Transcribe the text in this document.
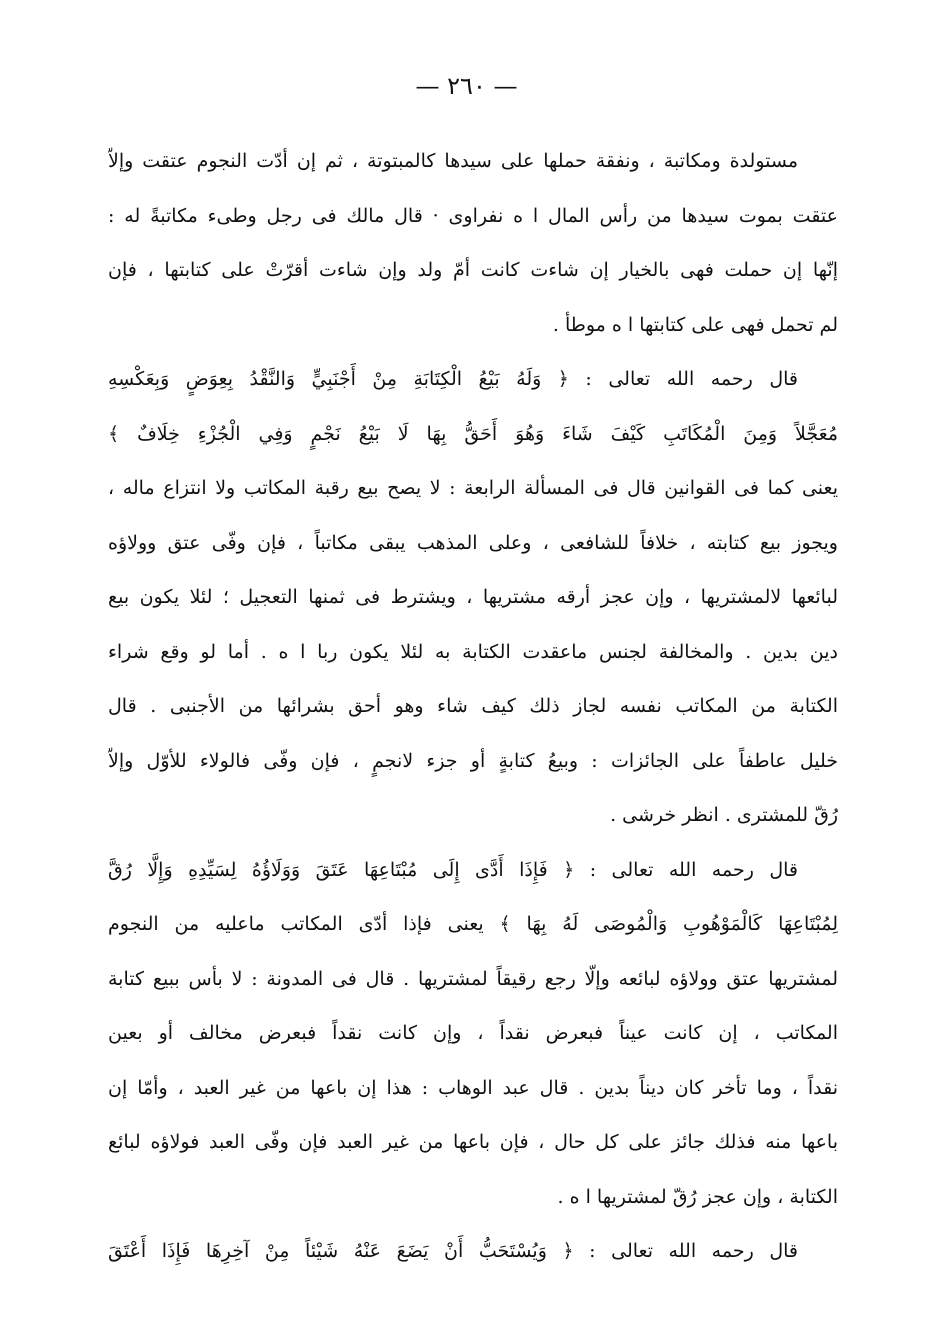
— ٢٦٠ —
مستولدة ومكاتبة ، ونفقة حملها على سيدها كالمبتوتة ، ثم إن أدّت النجوم عتقت وإلاّ
عتقت بموت سيدها من رأس المال ا ه نفراوى · قال مالك فى رجل وطىء مكاتبةً له :
إنّها إن حملت فهى بالخيار إن شاءت كانت أمّ ولد وإن شاءت أقرّتْ على كتابتها ، فإن
لم تحمل فهى على كتابتها ا ه موطأ .
قال رحمه الله تعالى : ﴿ وَلَهُ بَيْعُ الْكِتَابَةِ مِنْ أَجْنَبِيٍّ وَالنَّقْدُ بِعِوَضٍ وَبِعَكْسِهِ
مُعَجَّلاً وَمِنَ الْمُكَاتَبِ كَيْفَ شَاءَ وَهُوَ أَحَقُّ بِهَا لَا بَيْعُ نَجْمٍ وَفِي الْجُزْءِ خِلَافٌ ﴾
يعنى كما فى القوانين قال فى المسألة الرابعة : لا يصح بيع رقبة المكاتب ولا انتزاع ماله ،
ويجوز بيع كتابته ، خلافاً للشافعى ، وعلى المذهب يبقى مكاتباً ، فإن وفّى عتق وولاؤه
لبائعها لالمشتريها ، وإن عجز أرقه مشتريها ، ويشترط فى ثمنها التعجيل ؛ لئلا يكون بيع
دين بدين . والمخالفة لجنس ماعقدت الكتابة به لئلا يكون ربا ا ه . أما لو وقع شراء
الكتابة من المكاتب نفسه لجاز ذلك كيف شاء وهو أحق بشرائها من الأجنبى . قال
خليل عاطفاً على الجائزات : وبيعُ كتابةٍ أو جزء لانجمٍ ، فإن وفّى فالولاء للأوّل وإلاّ
رُقّ للمشترى . انظر خرشى .
قال رحمه الله تعالى : ﴿ فَإِذَا أَدَّى إِلَى مُبْتَاعِهَا عَتَقَ وَوَلَاؤُهُ لِسَيِّدِهِ وَإِلَّا رُقَّ
لِمُبْتَاعِهَا كَالْمَوْهُوبِ وَالْمُوصَى لَهُ بِهَا ﴾ يعنى فإذا أدّى المكاتب ماعليه من النجوم
لمشتريها عتق وولاؤه لبائعه وإلّا رجع رقيقاً لمشتريها . قال فى المدونة : لا بأس ببيع كتابة
المكاتب ، إن كانت عيناً فبعرض نقداً ، وإن كانت نقداً فبعرض مخالف أو بعين
نقداً ، وما تأخر كان ديناً بدين . قال عبد الوهاب : هذا إن باعها من غير العبد ، وأمّا إن
باعها منه فذلك جائز على كل حال ، فإن باعها من غير العبد فإن وفّى العبد فولاؤه لبائع
الكتابة ، وإن عجز رُقّ لمشتريها ا ه .
قال رحمه الله تعالى : ﴿ وَيُسْتَحَبُّ أَنْ يَضَعَ عَنْهُ شَيْئاً مِنْ آخِرِهَا فَإِذَا أَعْتَقَ
